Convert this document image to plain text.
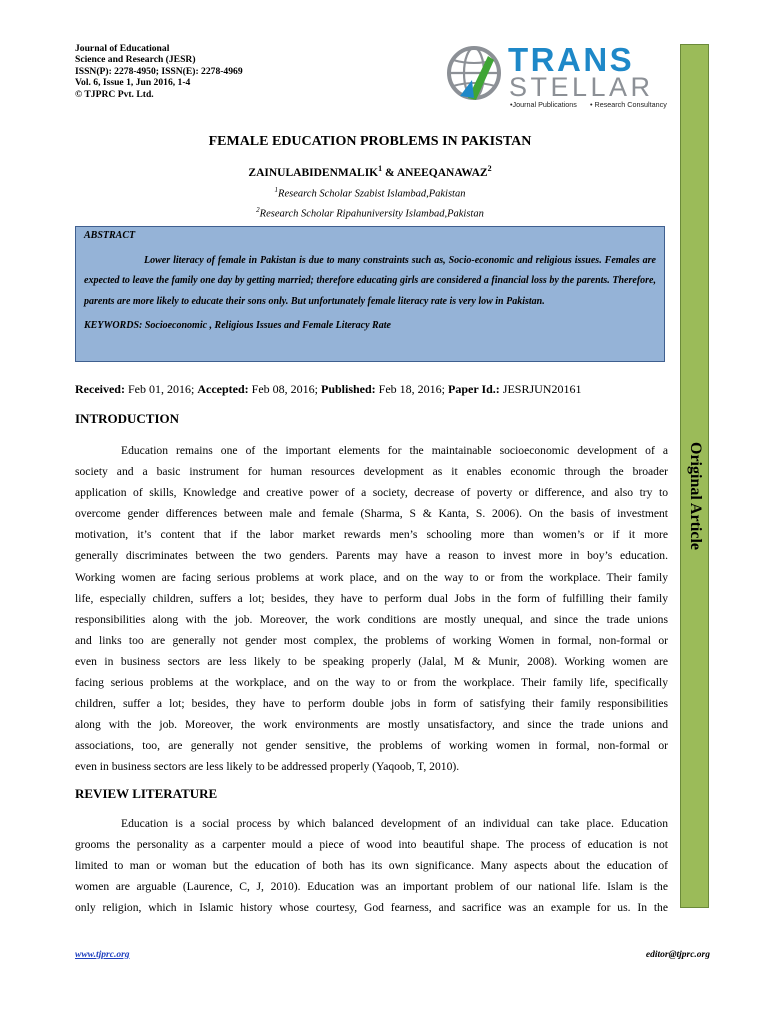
Journal of Educational
Science and Research (JESR)
ISSN(P): 2278-4950; ISSN(E): 2278-4969
Vol. 6, Issue 1, Jun 2016, 1-4
© TJPRC Pvt. Ltd.
TRANS
STELLAR
•Journal Publications • Research Consultancy
Original Article
FEMALE EDUCATION PROBLEMS IN PAKISTAN
ZAINULABIDENMALIK$^1$ & ANEEQANAWAZ$^2$
$^1$Research Scholar Szabist Islambad,Pakistan
$^2$Research Scholar Ripahuniversity Islambad,Pakistan
ABSTRACT
Lower literacy of female in Pakistan is due to many constraints such as, Socio-economic and religious issues. Females are expected to leave the family one day by getting married; therefore educating girls are considered a financial loss by the parents. Therefore, parents are more likely to educate their sons only. But unfortunately female literacy rate is very low in Pakistan.
KEYWORDS: Socioeconomic , Religious Issues and Female Literacy Rate
Received: Feb 01, 2016; Accepted: Feb 08, 2016; Published: Feb 18, 2016; Paper Id.: JESRJUN20161
INTRODUCTION
Education remains one of the important elements for the maintainable socioeconomic development of a
society and a basic instrument for human resources development as it enables economic through the broader
application of skills, Knowledge and creative power of a society, decrease of poverty or difference, and also try to
overcome gender differences between male and female (Sharma, S & Kanta, S. 2006). On the basis of investment
motivation, it’s content that if the labor market rewards men’s schooling more than women’s or if it more
generally discriminates between the two genders. Parents may have a reason to invest more in boy’s education.
Working women are facing serious problems at work place, and on the way to or from the workplace. Their family
life, especially children, suffers a lot; besides, they have to perform dual Jobs in the form of fulfilling their family
responsibilities along with the job. Moreover, the work conditions are mostly unequal, and since the trade unions
and links too are generally not gender most complex, the problems of working Women in formal, non-formal or
even in business sectors are less likely to be speaking properly (Jalal, M & Munir, 2008). Working women are
facing serious problems at the workplace, and on the way to or from the workplace. Their family life, specifically
children, suffer a lot; besides, they have to perform double jobs in form of satisfying their family responsibilities
along with the job. Moreover, the work environments are mostly unsatisfactory, and since the trade unions and
associations, too, are generally not gender sensitive, the problems of working women in formal, non-formal or
even in business sectors are less likely to be addressed properly (Yaqoob, T, 2010).
REVIEW LITERATURE
Education is a social process by which balanced development of an individual can take place. Education
grooms the personality as a carpenter mould a piece of wood into beautiful shape. The process of education is not
limited to man or woman but the education of both has its own significance. Many aspects about the education of
women are arguable (Laurence, C, J, 2010). Education was an important problem of our national life. Islam is the
only religion, which in Islamic history whose courtesy, God fearness, and sacrifice was an example for us. In the
www.tjprc.org	editor@tjprc.org
